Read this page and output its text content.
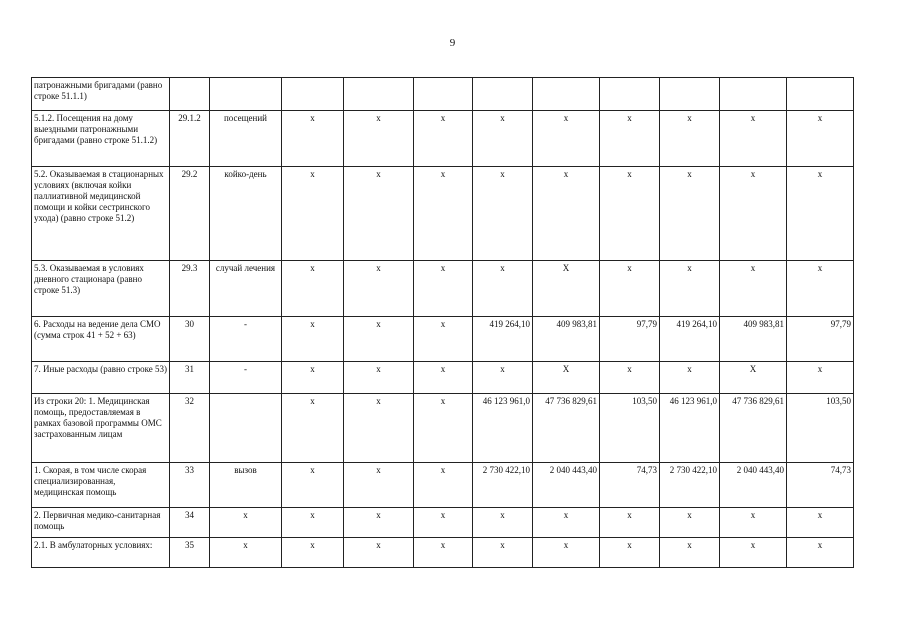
9
патронажными бригадами (равно строке 51.1.1)											
5.1.2. Посещения на дому выездными патронажными бригадами (равно строке 51.1.2)	29.1.2	посещений	x	x	x	x	x	x	x	x	x
5.2. Оказываемая в стационарных условиях (включая койки паллиативной медицинской помощи и койки сестринского ухода) (равно строке 51.2)	29.2	койко-день	x	x	x	x	x	x	x	x	x
5.3. Оказываемая в условиях дневного стационара (равно строке 51.3)	29.3	случай лечения	x	x	x	x	X	x	x	x	x
6. Расходы на ведение дела СМО (сумма строк 41 + 52 + 63)	30	-	x	x	x	419 264,10	409 983,81	97,79	419 264,10	409 983,81	97,79
7. Иные расходы (равно строке 53)	31	-	x	x	x	x	X	x	x	X	x
Из строки 20: 1. Медицинская помощь, предоставляемая в рамках базовой программы ОМС застрахованным лицам	32		x	x	x	46 123 961,0	47 736 829,61	103,50	46 123 961,0	47 736 829,61	103,50
1. Скорая, в том числе скорая специализированная, медицинская помощь	33	вызов	x	x	x	2 730 422,10	2 040 443,40	74,73	2 730 422,10	2 040 443,40	74,73
2. Первичная медико-санитарная помощь	34	x	x	x	x	x	x	x	x	x	x
2.1. В амбулаторных условиях:	35	x	x	x	x	x	x	x	x	x	x
